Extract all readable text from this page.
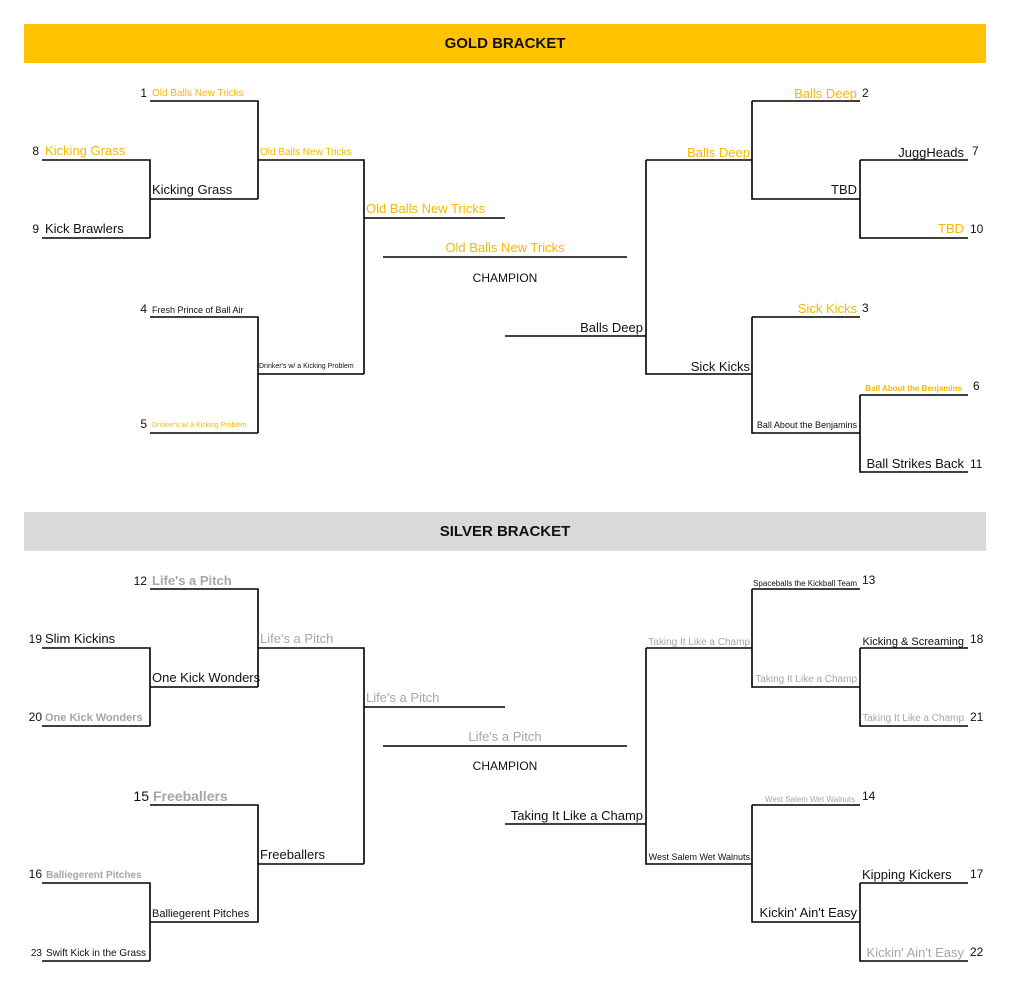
GOLD BRACKET
SILVER BRACKET
1 Old Balls New Tricks
8 Kicking Grass
9 Kick Brawlers
Kicking Grass
Old Balls New Tricks
4 Fresh Prince of Ball Air
5 Drinker's w/ a Kicking Problem
Drinker's w/ a Kicking Problem
Old Balls New Tricks
Old Balls New Tricks
Balls Deep
2
JuggHeads 7
TBD 10
TBD
Balls Deep
Sick Kicks 3
Ball About the Benjamins 6
Ball Strikes Back 11
Ball About the Benjamins
Sick Kicks
Balls Deep
CHAMPION
12 Life's a Pitch
19 Slim Kickins
20 One Kick Wonders
One Kick Wonders
Life's a Pitch
15 Freeballers
16 Balliegerent Pitches
23 Swift Kick in the Grass
Balliegerent Pitches
Freeballers
Life's a Pitch
Life's a Pitch
Spaceballs the Kickball Team 13
Kicking & Screaming 18
Taking It Like a Champ 21
Taking It Like a Champ
Taking It Like a Champ
West Salem Wet Walnuts 14
Kipping Kickers 17
Kickin' Ain't Easy 22
Kickin' Ain't Easy
West Salem Wet Walnuts
Taking It Like a Champ
CHAMPION
